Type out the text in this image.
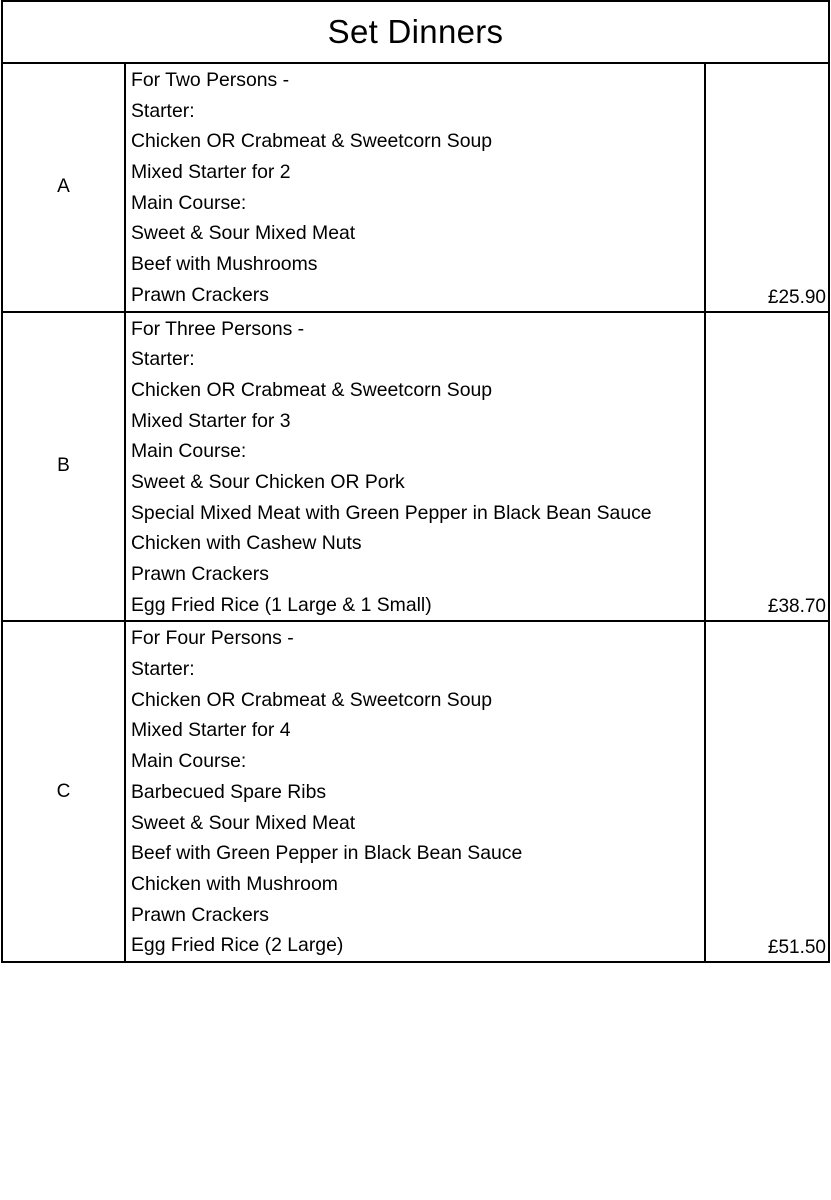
Set Dinners
A
For Two Persons -
Starter:
Chicken OR Crabmeat & Sweetcorn Soup
Mixed Starter for 2
Main Course:
Sweet & Sour Mixed Meat
Beef with Mushrooms
Prawn Crackers	£25.90
B
For Three Persons -
Starter:
Chicken OR Crabmeat & Sweetcorn Soup
Mixed Starter for 3
Main Course:
Sweet & Sour Chicken OR Pork
Special Mixed Meat with Green Pepper in Black Bean Sauce
Chicken with Cashew Nuts
Prawn Crackers
Egg Fried Rice (1 Large & 1 Small)	£38.70
C
For Four Persons -
Starter:
Chicken OR Crabmeat & Sweetcorn Soup
Mixed Starter for 4
Main Course:
Barbecued Spare Ribs
Sweet & Sour Mixed Meat
Beef with Green Pepper in Black Bean Sauce
Chicken with Mushroom
Prawn Crackers
Egg Fried Rice (2 Large)	£51.50
